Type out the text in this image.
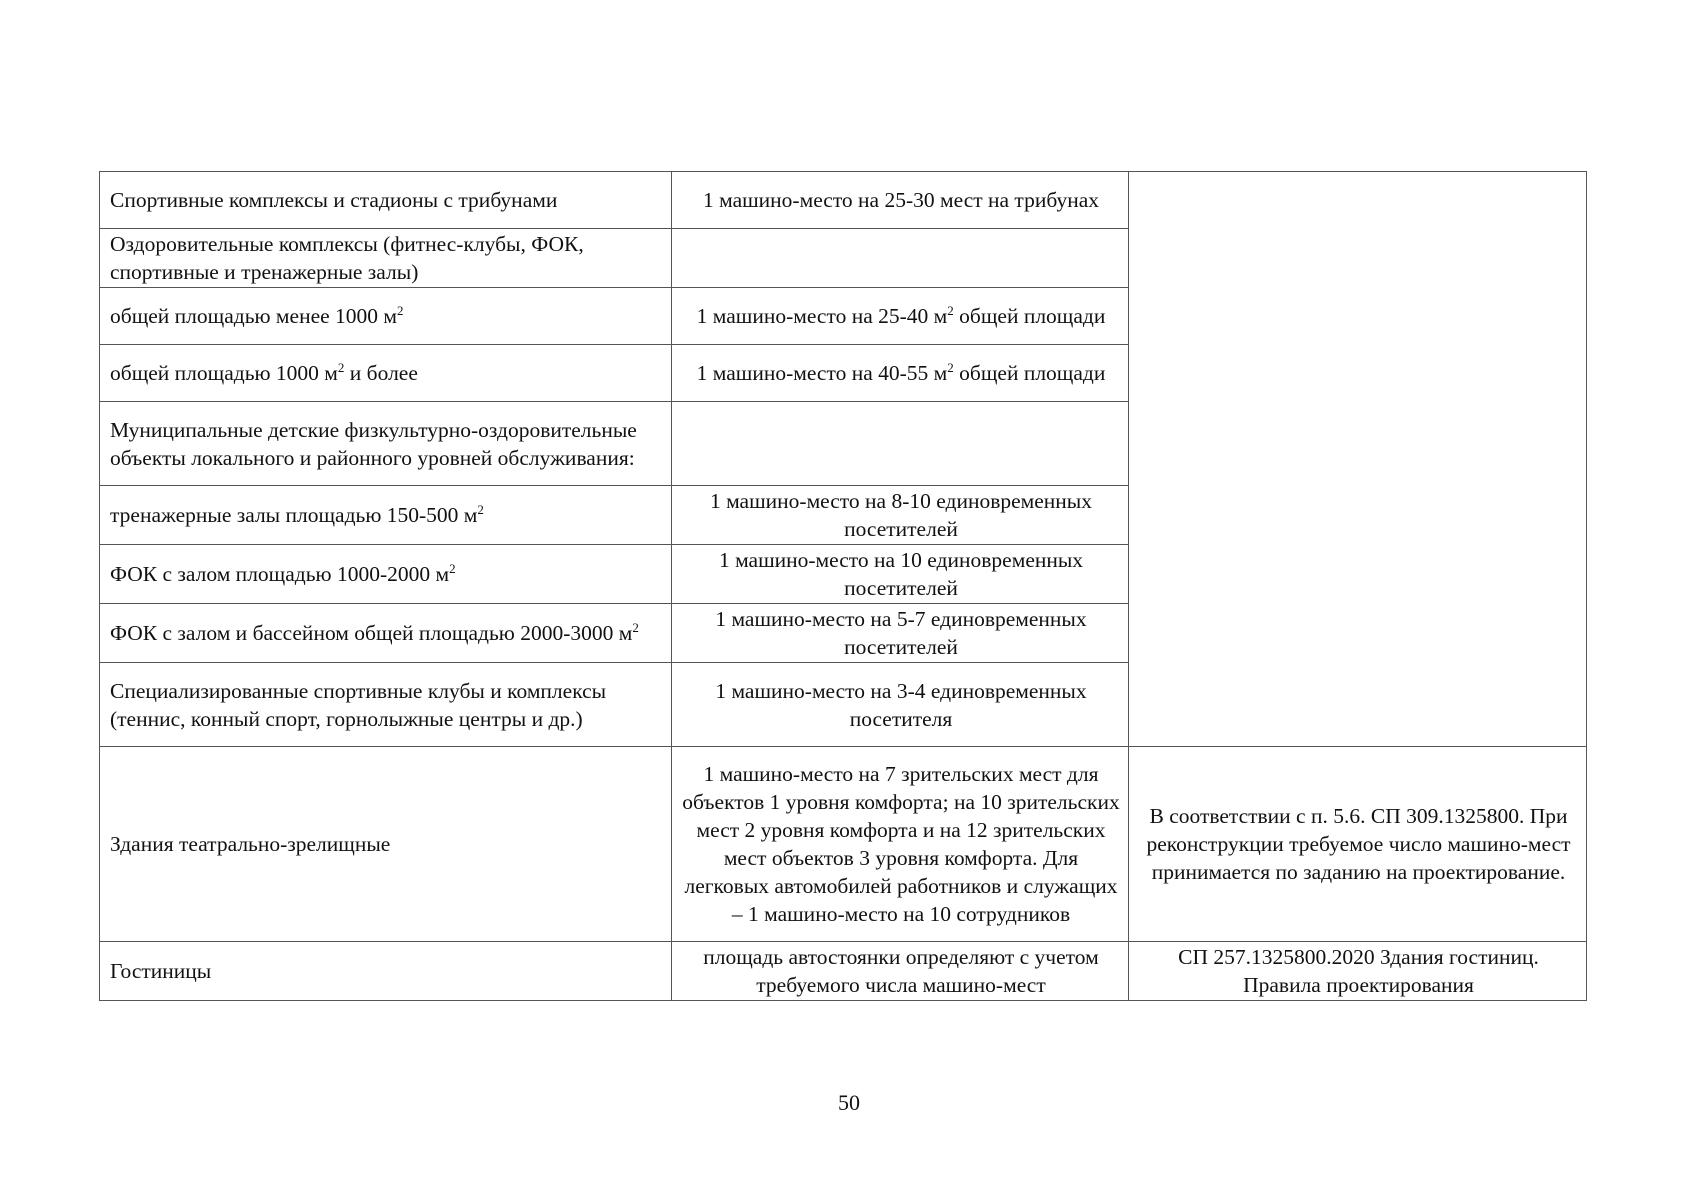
Спортивные комплексы и стадионы с трибунами	1 машино-место на 25-30 мест на трибунах	
Оздоровительные комплексы (фитнес-клубы, ФОК, спортивные и тренажерные залы)		
общей площадью менее 1000 $м^2$	1 машино-место на 25-40 $м^2$ общей площади	
общей площадью 1000 $м^2$ и более	1 машино-место на 40-55 $м^2$ общей площади	
Муниципальные детские физкультурно-оздоровительные объекты локального и районного уровней обслуживания:		
тренажерные залы площадью 150-500 $м^2$	1 машино-место на 8-10 единовременных посетителей	
ФОК с залом площадью 1000-2000 $м^2$	1 машино-место на 10 единовременных посетителей	
ФОК с залом и бассейном общей площадью 2000-3000 $м^2$	1 машино-место на 5-7 единовременных посетителей	
Специализированные спортивные клубы и комплексы (теннис, конный спорт, горнолыжные центры и др.)	1 машино-место на 3-4 единовременных посетителя	
Здания театрально-зрелищные	1 машино-место на 7 зрительских мест для объектов 1 уровня комфорта; на 10 зрительских мест 2 уровня комфорта и на 12 зрительских мест объектов 3 уровня комфорта. Для легковых автомобилей работников и служащих – 1 машино-место на 10 сотрудников	В соответствии с п. 5.6. СП 309.1325800. При реконструкции требуемое число машино-мест принимается по заданию на проектирование.
Гостиницы	площадь автостоянки определяют с учетом требуемого числа машино-мест	СП 257.1325800.2020 Здания гостиниц. Правила проектирования
50
